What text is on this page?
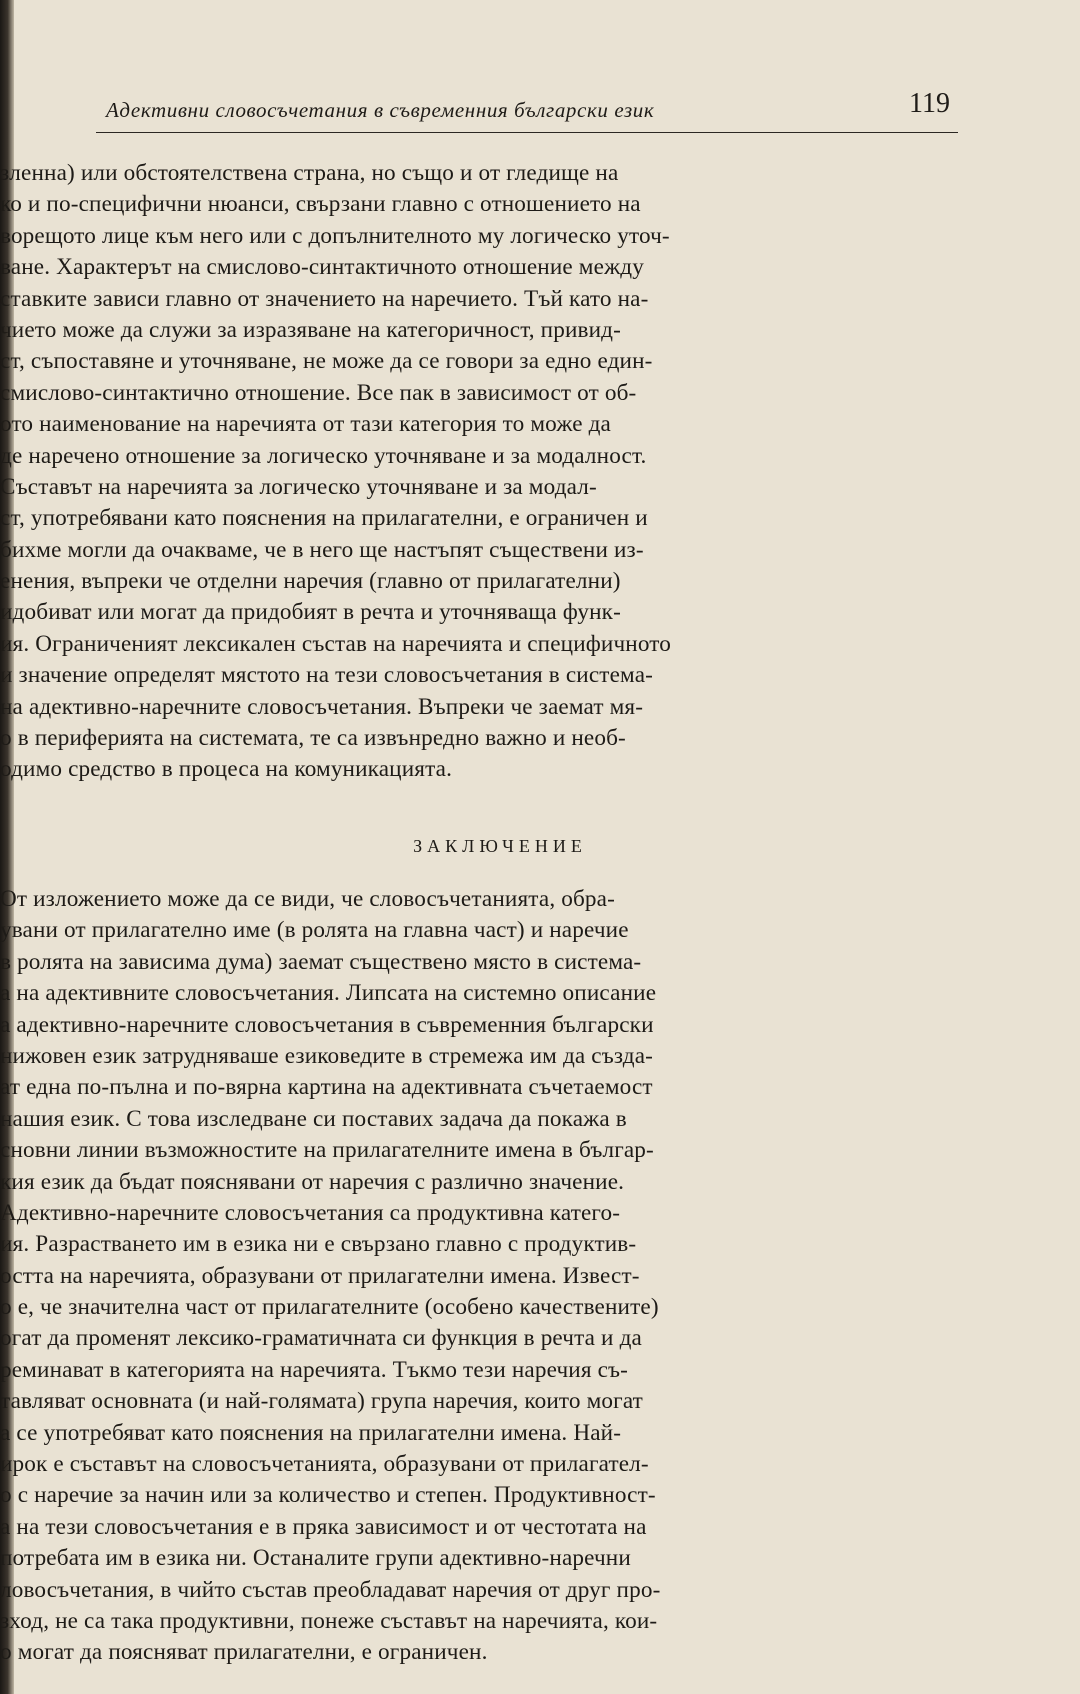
Адективни словосъчетания в съвременния български език	119
зленна) или обстоятелствена страна, но също и от гледище на
ко и по-специфични нюанси, свързани главно с отношението на
ворещото лице към него или с допълнителното му логическо уточ-
ване. Характерът на смислово-синтактичното отношение между
ставките зависи главно от значението на наречието. Тъй като на-
чието може да служи за изразяване на категоричност, привид-
ст, съпоставяне и уточняване, не може да се говори за едно един-
смислово-синтактично отношение. Все пак в зависимост от об-
ото наименование на наречията от тази категория то може да
де наречено отношение за логическо уточняване и за модалност.
Съставът на наречията за логическо уточняване и за модал-
ст, употребявани като пояснения на прилагателни, е ограничен и
бихме могли да очакваме, че в него ще настъпят съществени из-
енения, въпреки че отделни наречия (главно от прилагателни)
идобиват или могат да придобият в речта и уточняваща функ-
ия. Ограниченият лексикален състав на наречията и специфичното
и значение определят мястото на тези словосъчетания в система-
на адективно-наречните словосъчетания. Въпреки че заемат мя-
о в периферията на системата, те са извънредно важно и необ-
одимо средство в процеса на комуникацията.
ЗАКЛЮЧЕНИЕ
От изложението може да се види, че словосъчетанията, обра-
увани от прилагателно име (в ролята на главна част) и наречие
в ролята на зависима дума) заемат съществено място в система-
а на адективните словосъчетания. Липсата на системно описание
а адективно-наречните словосъчетания в съвременния български
нижовен език затрудняваше езиковедите в стремежа им да създа-
ат една по-пълна и по-вярна картина на адективната съчетаемост
нашия език. С това изследване си поставих задача да покажа в
сновни линии възможностите на прилагателните имена в българ-
кия език да бъдат пояснявани от наречия с различно значение.
Адективно-наречните словосъчетания са продуктивна катего-
ия. Разрастването им в езика ни е свързано главно с продуктив-
остта на наречията, образувани от прилагателни имена. Извест-
о е, че значителна част от прилагателните (особено качествените)
огат да променят лексико-граматичната си функция в речта и да
реминават в категорията на наречията. Тъкмо тези наречия съ-
тавляват основната (и най-голямата) група наречия, които могат
а се употребяват като пояснения на прилагателни имена. Най-
ирок е съставът на словосъчетанията, образувани от прилагател-
о с наречие за начин или за количество и степен. Продуктивност-
а на тези словосъчетания е в пряка зависимост и от честотата на
потребата им в езика ни. Останалите групи адективно-наречни
ловосъчетания, в чийто състав преобладават наречия от друг про-
зход, не са така продуктивни, понеже съставът на наречията, кои-
о могат да поясняват прилагателни, е ограничен.
